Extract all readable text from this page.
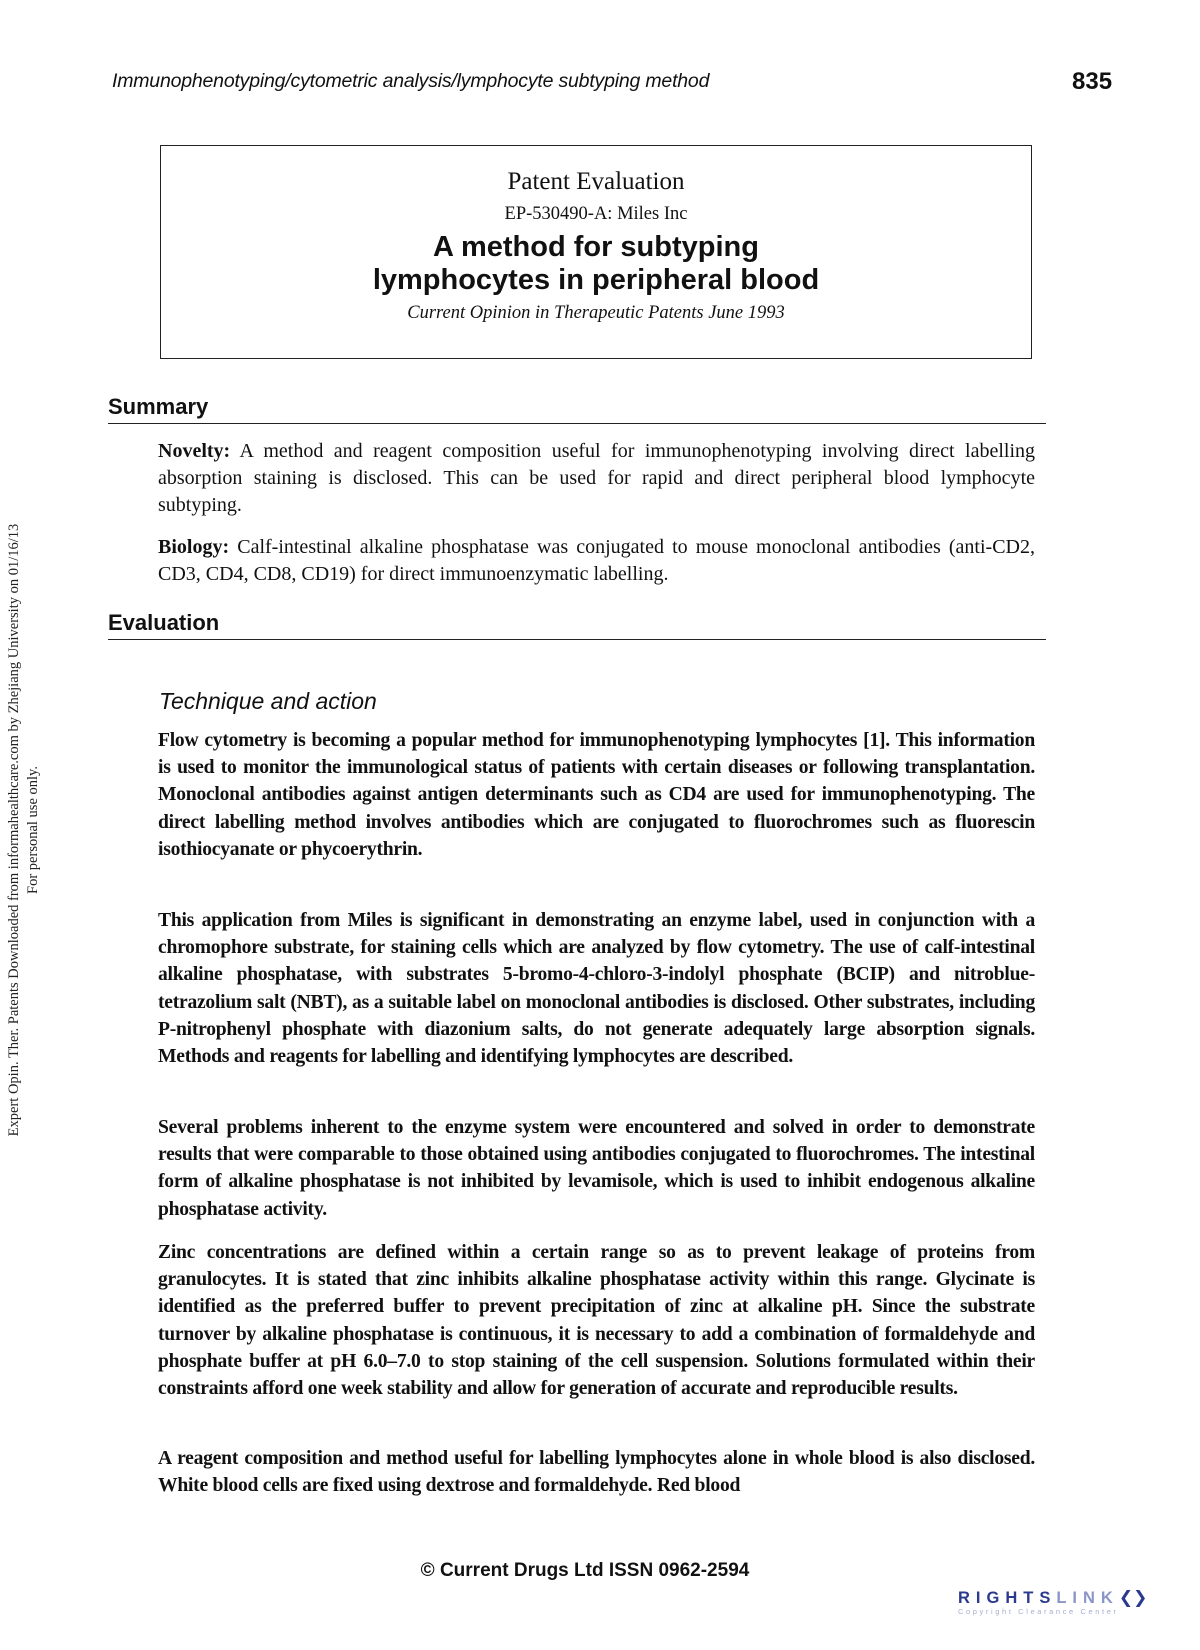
Immunophenotyping/cytometric analysis/lymphocyte subtyping method	835
Expert Opin. Ther. Patents Downloaded from informahealthcare.com by Zhejiang University on 01/16/13 For personal use only.
Patent Evaluation
EP-530490-A: Miles Inc
A method for subtyping
lymphocytes in peripheral blood
Current Opinion in Therapeutic Patents June 1993
Summary
Novelty: A method and reagent composition useful for immunophenotyping involving direct labelling absorption staining is disclosed. This can be used for rapid and direct peripheral blood lymphocyte subtyping.
Biology: Calf-intestinal alkaline phosphatase was conjugated to mouse monoclonal antibodies (anti-CD2, CD3, CD4, CD8, CD19) for direct immunoenzymatic labelling.
Evaluation
Technique and action
Flow cytometry is becoming a popular method for immunophenotyping lymphocytes [1]. This information is used to monitor the immunological status of patients with certain diseases or following transplantation. Monoclonal antibodies against antigen determinants such as CD4 are used for immunophenotyping. The direct labelling method involves antibodies which are conjugated to fluorochromes such as fluorescin isothiocyanate or phycoerythrin.
This application from Miles is significant in demonstrating an enzyme label, used in conjunction with a chromophore substrate, for staining cells which are analyzed by flow cytometry. The use of calf-intestinal alkaline phosphatase, with substrates 5-bromo-4-chloro-3-indolyl phosphate (BCIP) and nitroblue-tetrazolium salt (NBT), as a suitable label on monoclonal antibodies is disclosed. Other substrates, including P-nitrophenyl phosphate with diazonium salts, do not generate adequately large absorption signals. Methods and reagents for labelling and identifying lymphocytes are described.
Several problems inherent to the enzyme system were encountered and solved in order to demonstrate results that were comparable to those obtained using antibodies conjugated to fluorochromes. The intestinal form of alkaline phosphatase is not inhibited by levamisole, which is used to inhibit endogenous alkaline phosphatase activity.
Zinc concentrations are defined within a certain range so as to prevent leakage of proteins from granulocytes. It is stated that zinc inhibits alkaline phosphatase activity within this range. Glycinate is identified as the preferred buffer to prevent precipitation of zinc at alkaline pH. Since the substrate turnover by alkaline phosphatase is continuous, it is necessary to add a combination of formaldehyde and phosphate buffer at pH 6.0–7.0 to stop staining of the cell suspension. Solutions formulated within their constraints afford one week stability and allow for generation of accurate and reproducible results.
A reagent composition and method useful for labelling lymphocytes alone in whole blood is also disclosed. White blood cells are fixed using dextrose and formaldehyde. Red blood
© Current Drugs Ltd ISSN 0962-2594
RIGHTSLINK❮❯
Copyright Clearance Center
